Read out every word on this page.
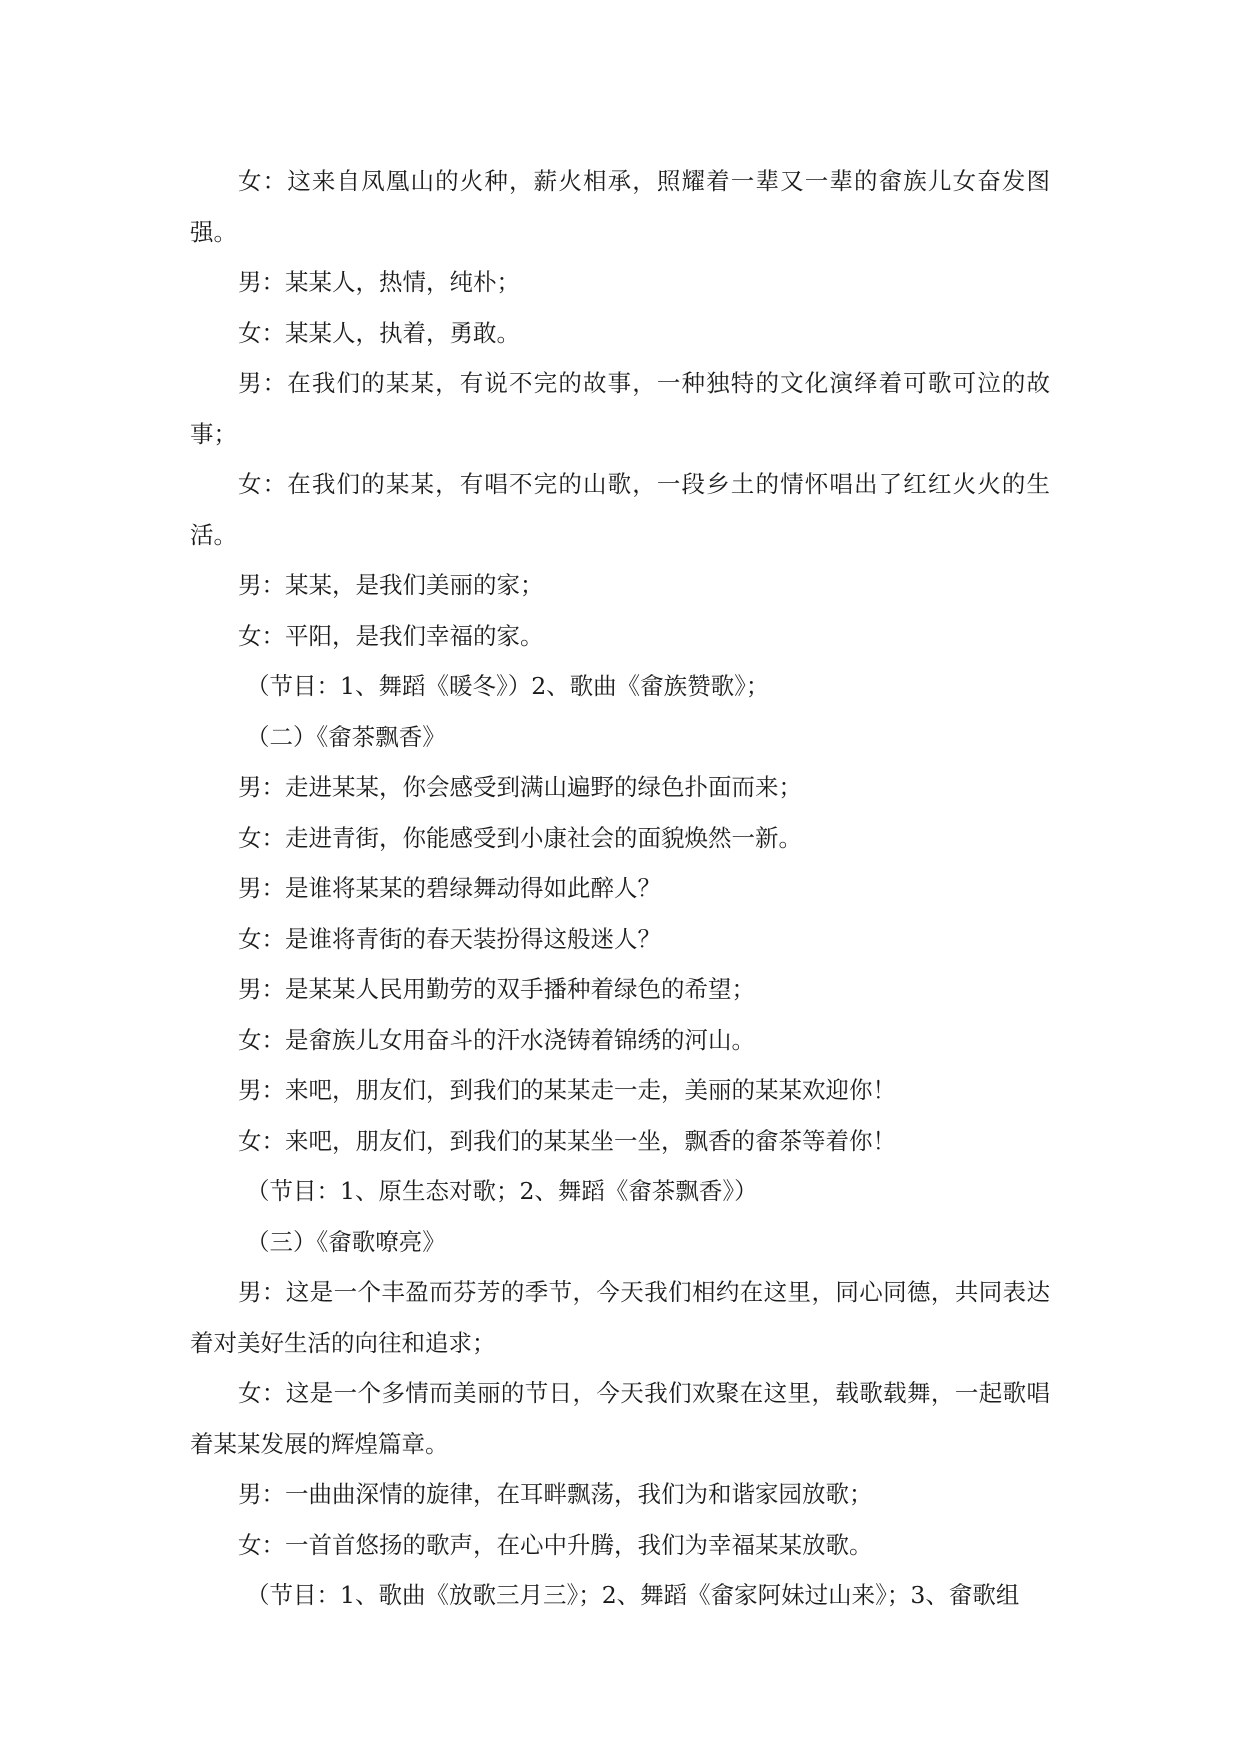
女：这来自凤凰山的火种，薪火相承，照耀着一辈又一辈的畲族儿女奋发图强。

男：某某人，热情，纯朴；

女：某某人，执着，勇敢。

男：在我们的某某，有说不完的故事，一种独特的文化演绎着可歌可泣的故事；

女：在我们的某某，有唱不完的山歌，一段乡土的情怀唱出了红红火火的生活。

男：某某，是我们美丽的家；

女：平阳，是我们幸福的家。

（节目：1、舞蹈《暖冬》）2、歌曲《畲族赞歌》；

（二）《畲茶飘香》

男：走进某某，你会感受到满山遍野的绿色扑面而来；

女：走进青街，你能感受到小康社会的面貌焕然一新。

男：是谁将某某的碧绿舞动得如此醉人？

女：是谁将青街的春天装扮得这般迷人？

男：是某某人民用勤劳的双手播种着绿色的希望；

女：是畲族儿女用奋斗的汗水浇铸着锦绣的河山。

男：来吧，朋友们，到我们的某某走一走，美丽的某某欢迎你！

女：来吧，朋友们，到我们的某某坐一坐，飘香的畲茶等着你！

（节目：1、原生态对歌；2、舞蹈《畲茶飘香》）

（三）《畲歌嘹亮》

男：这是一个丰盈而芬芳的季节，今天我们相约在这里，同心同德，共同表达着对美好生活的向往和追求；

女：这是一个多情而美丽的节日，今天我们欢聚在这里，载歌载舞，一起歌唱着某某发展的辉煌篇章。

男：一曲曲深情的旋律，在耳畔飘荡，我们为和谐家园放歌；

女：一首首悠扬的歌声，在心中升腾，我们为幸福某某放歌。

（节目：1、歌曲《放歌三月三》；2、舞蹈《畲家阿妹过山来》；3、畲歌组
